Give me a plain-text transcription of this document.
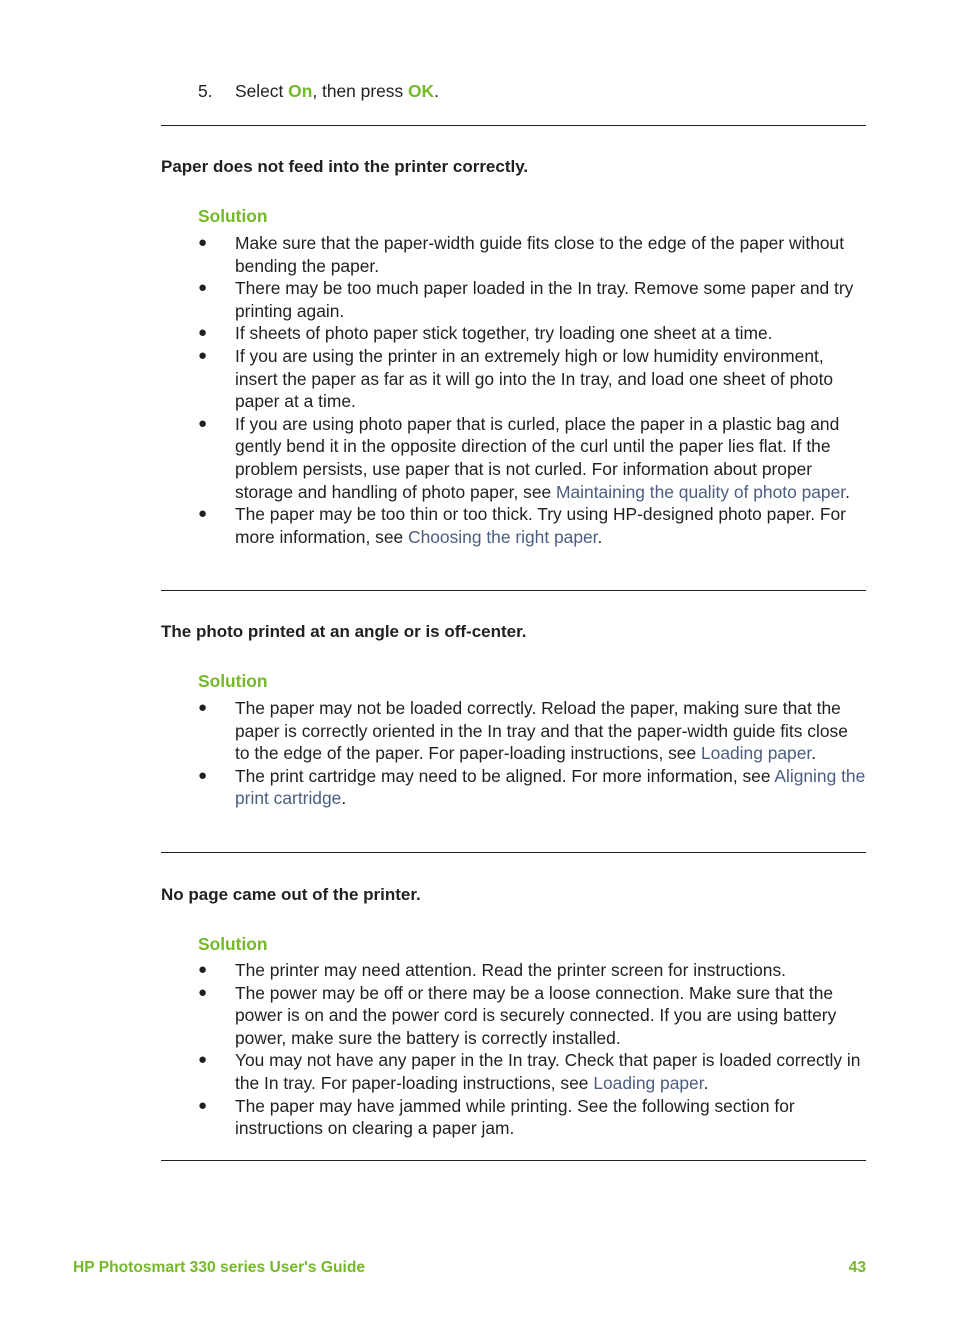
5. Select On, then press OK.
Paper does not feed into the printer correctly.
Solution
● Make sure that the paper-width guide fits close to the edge of the paper without bending the paper.
● There may be too much paper loaded in the In tray. Remove some paper and try printing again.
● If sheets of photo paper stick together, try loading one sheet at a time.
● If you are using the printer in an extremely high or low humidity environment, insert the paper as far as it will go into the In tray, and load one sheet of photo paper at a time.
● If you are using photo paper that is curled, place the paper in a plastic bag and gently bend it in the opposite direction of the curl until the paper lies flat. If the problem persists, use paper that is not curled. For information about proper storage and handling of photo paper, see Maintaining the quality of photo paper.
● The paper may be too thin or too thick. Try using HP-designed photo paper. For more information, see Choosing the right paper.
The photo printed at an angle or is off-center.
Solution
● The paper may not be loaded correctly. Reload the paper, making sure that the paper is correctly oriented in the In tray and that the paper-width guide fits close to the edge of the paper. For paper-loading instructions, see Loading paper.
● The print cartridge may need to be aligned. For more information, see Aligning the print cartridge.
No page came out of the printer.
Solution
● The printer may need attention. Read the printer screen for instructions.
● The power may be off or there may be a loose connection. Make sure that the power is on and the power cord is securely connected. If you are using battery power, make sure the battery is correctly installed.
● You may not have any paper in the In tray. Check that paper is loaded correctly in the In tray. For paper-loading instructions, see Loading paper.
● The paper may have jammed while printing. See the following section for instructions on clearing a paper jam.
HP Photosmart 330 series User's Guide	43
